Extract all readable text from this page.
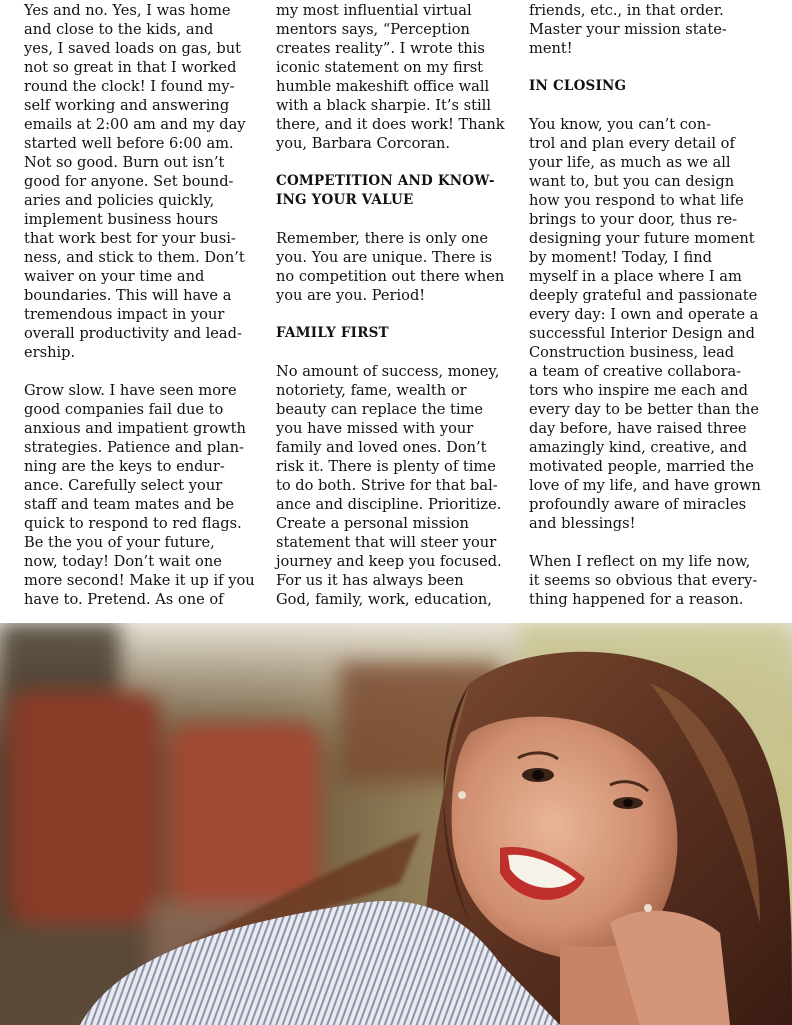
Yes and no. Yes, I was home
and close to the kids, and
yes, I saved loads on gas, but
not so great in that I worked
round the clock! I found my-
self working and answering
emails at 2:00 am and my day
started well before 6:00 am.
Not so good. Burn out isn’t
good for anyone. Set bound-
aries and policies quickly,
implement business hours
that work best for your busi-
ness, and stick to them. Don’t
waiver on your time and
boundaries. This will have a
tremendous impact in your
overall productivity and lead-
ership.

Grow slow. I have seen more
good companies fail due to
anxious and impatient growth
strategies. Patience and plan-
ning are the keys to endur-
ance. Carefully select your
staff and team mates and be
quick to respond to red flags.
Be the you of your future,
now, today! Don’t wait one
more second! Make it up if you
have to. Pretend. As one of

my most influential virtual
mentors says, “Perception
creates reality”. I wrote this
iconic statement on my first
humble makeshift office wall
with a black sharpie. It’s still
there, and it does work! Thank
you, Barbara Corcoran.

COMPETITION AND KNOW-
ING YOUR VALUE

Remember, there is only one
you. You are unique. There is
no competition out there when
you are you. Period!

FAMILY FIRST

No amount of success, money,
notoriety, fame, wealth or
beauty can replace the time
you have missed with your
family and loved ones. Don’t
risk it. There is plenty of time
to do both. Strive for that bal-
ance and discipline. Prioritize.
Create a personal mission
statement that will steer your
journey and keep you focused.
For us it has always been
God, family, work, education,

friends, etc., in that order.
Master your mission state-
ment!

IN CLOSING

You know, you can’t con-
trol and plan every detail of
your life, as much as we all
want to, but you can design
how you respond to what life
brings to your door, thus re-
designing your future moment
by moment! Today, I find
myself in a place where I am
deeply grateful and passionate
every day: I own and operate a
successful Interior Design and
Construction business, lead
a team of creative collabora-
tors who inspire me each and
every day to be better than the
day before, have raised three
amazingly kind, creative, and
motivated people, married the
love of my life, and have grown
profoundly aware of miracles
and blessings!

When I reflect on my life now,
it seems so obvious that every-
thing happened for a reason.
